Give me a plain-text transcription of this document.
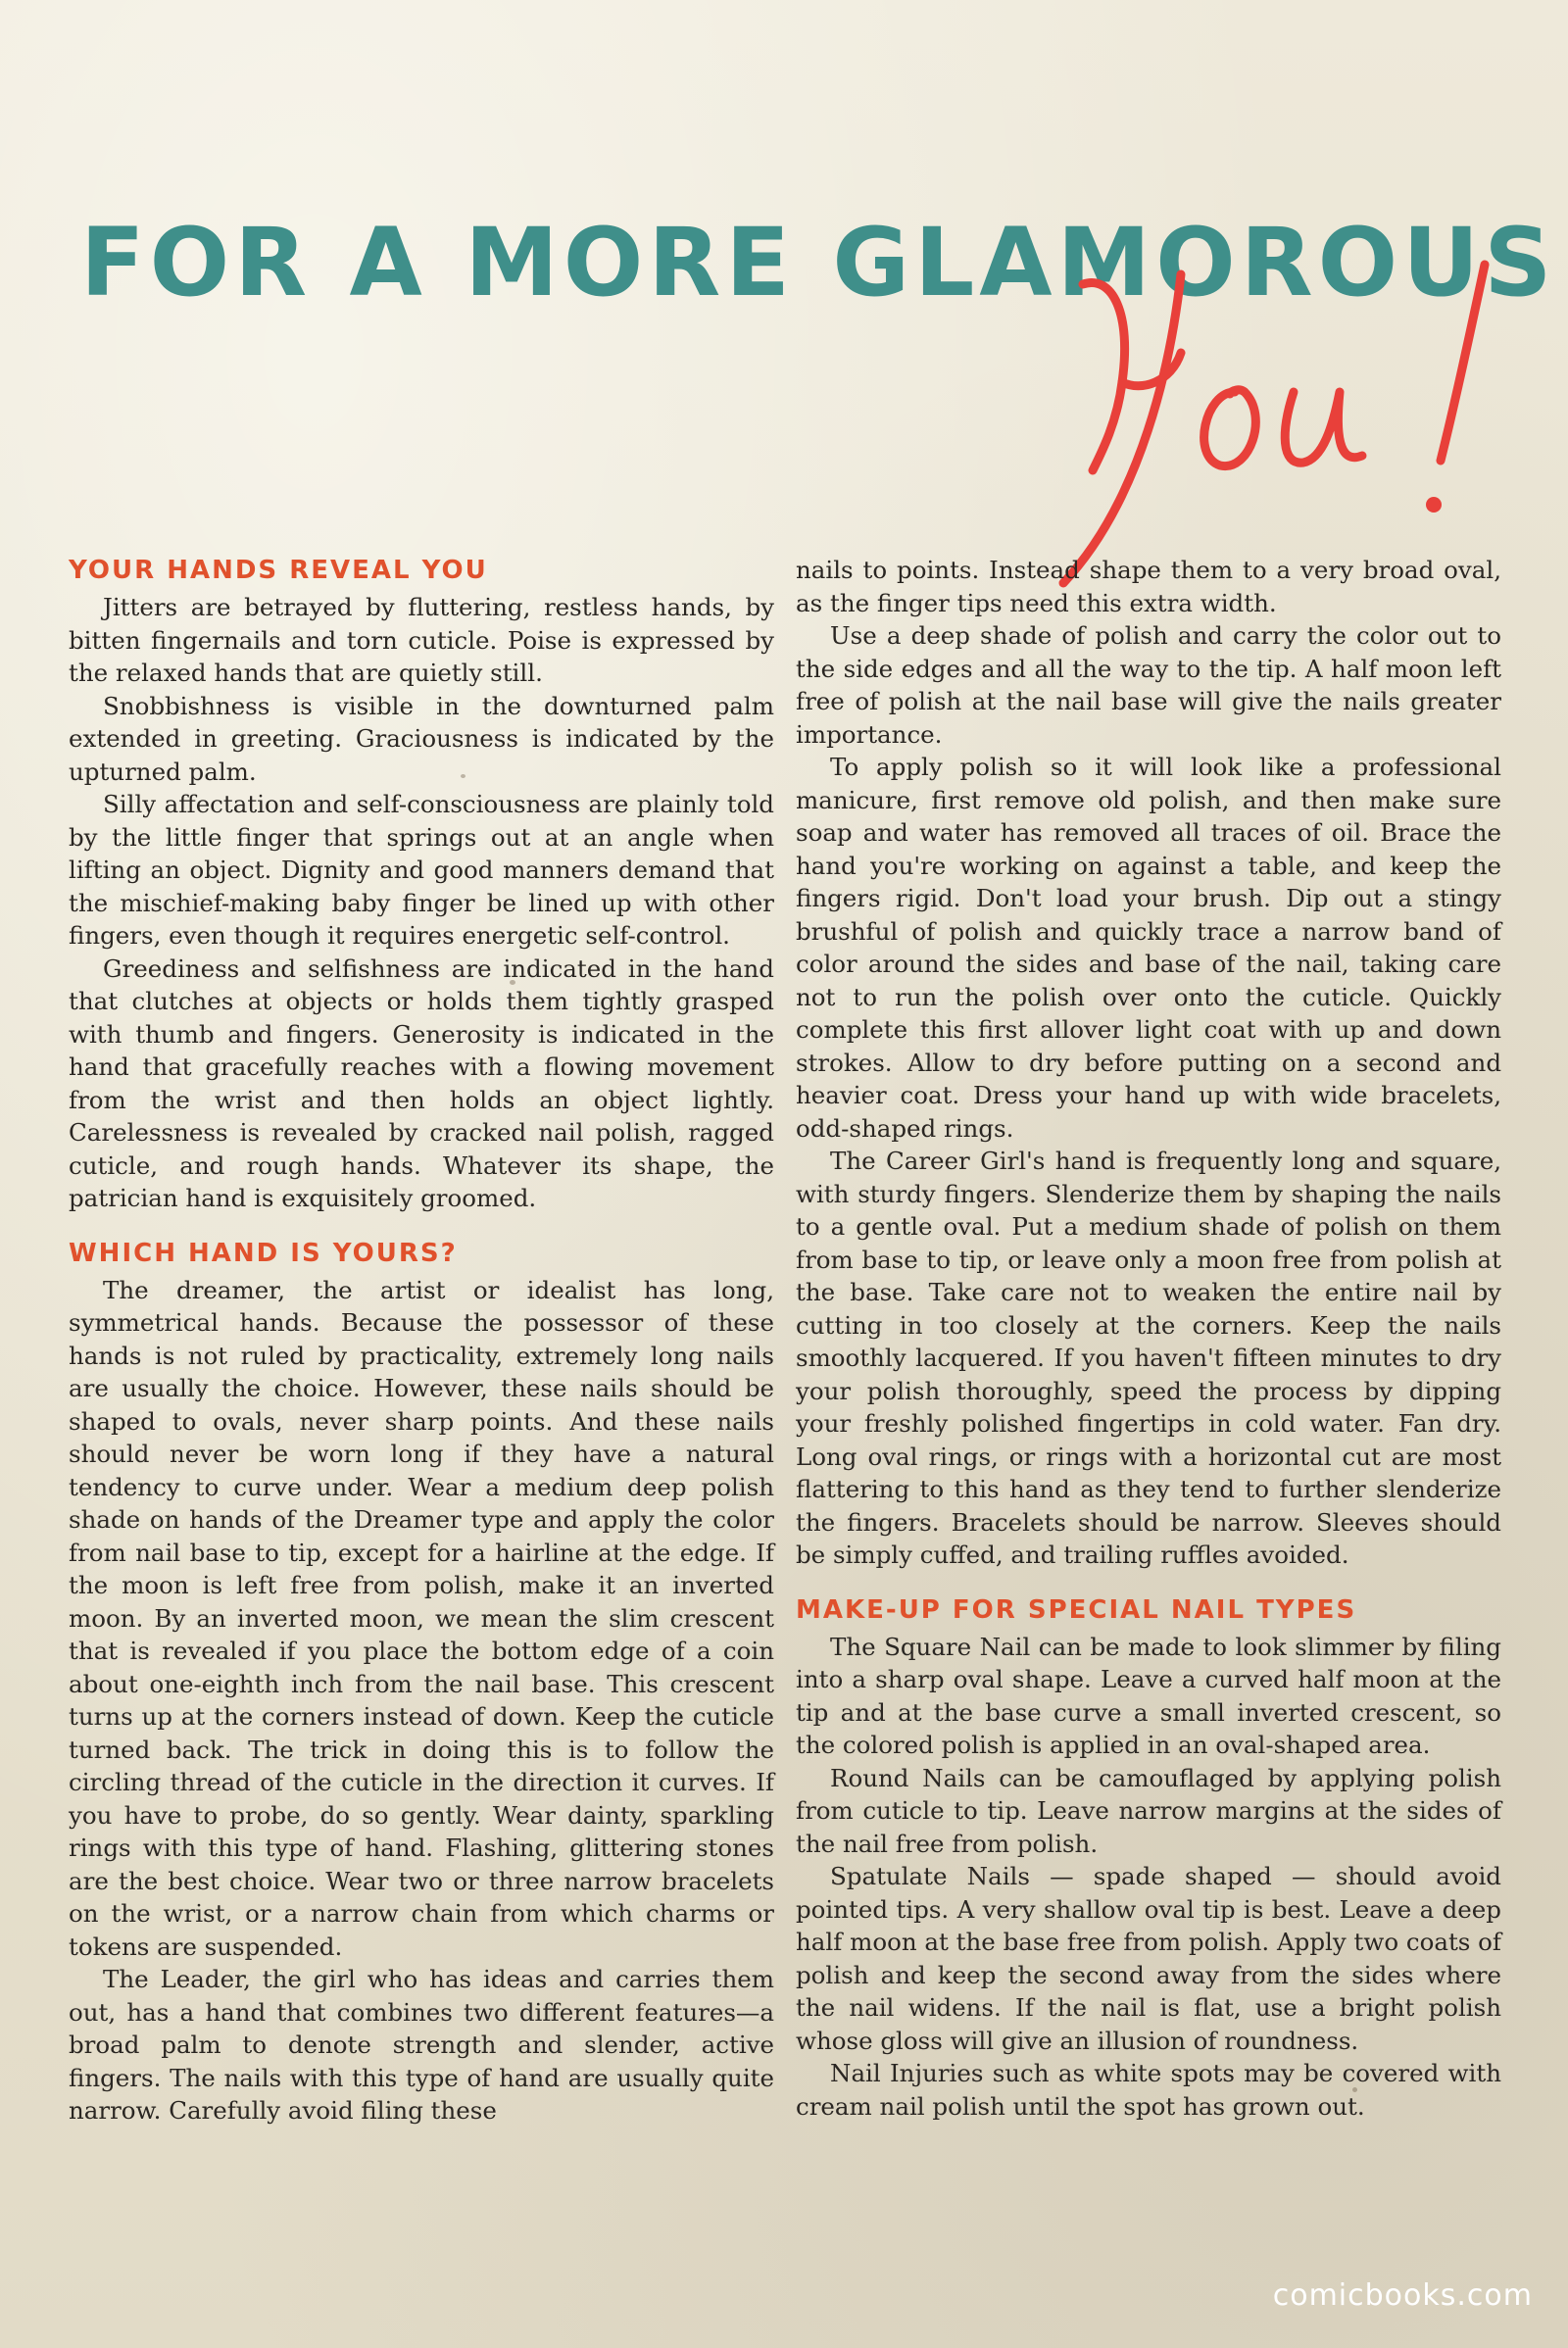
FOR A MORE GLAMOROUS
YOUR HANDS REVEAL YOU

Jitters are betrayed by fluttering, restless hands, by bitten fingernails and torn cuticle. Poise is expressed by the relaxed hands that are quietly still.

Snobbishness is visible in the downturned palm extended in greeting. Graciousness is indicated by the upturned palm.

Silly affectation and self-consciousness are plainly told by the little finger that springs out at an angle when lifting an object. Dignity and good manners demand that the mischief-making baby finger be lined up with other fingers, even though it requires energetic self-control.

Greediness and selfishness are indicated in the hand that clutches at objects or holds them tightly grasped with thumb and fingers. Generosity is indicated in the hand that gracefully reaches with a flowing movement from the wrist and then holds an object lightly. Carelessness is revealed by cracked nail polish, ragged cuticle, and rough hands. Whatever its shape, the patrician hand is exquisitely groomed.

WHICH HAND IS YOURS?

The dreamer, the artist or idealist has long, symmetrical hands. Because the possessor of these hands is not ruled by practicality, extremely long nails are usually the choice. However, these nails should be shaped to ovals, never sharp points. And these nails should never be worn long if they have a natural tendency to curve under. Wear a medium deep polish shade on hands of the Dreamer type and apply the color from nail base to tip, except for a hairline at the edge. If the moon is left free from polish, make it an inverted moon. By an inverted moon, we mean the slim crescent that is revealed if you place the bottom edge of a coin about one-eighth inch from the nail base. This crescent turns up at the corners instead of down. Keep the cuticle turned back. The trick in doing this is to follow the circling thread of the cuticle in the direction it curves. If you have to probe, do so gently. Wear dainty, sparkling rings with this type of hand. Flashing, glittering stones are the best choice. Wear two or three narrow bracelets on the wrist, or a narrow chain from which charms or tokens are suspended.

The Leader, the girl who has ideas and carries them out, has a hand that combines two different features—a broad palm to denote strength and slender, active fingers. The nails with this type of hand are usually quite narrow. Carefully avoid filing these

nails to points. Instead shape them to a very broad oval, as the finger tips need this extra width.

Use a deep shade of polish and carry the color out to the side edges and all the way to the tip. A half moon left free of polish at the nail base will give the nails greater importance.

To apply polish so it will look like a professional manicure, first remove old polish, and then make sure soap and water has removed all traces of oil. Brace the hand you're working on against a table, and keep the fingers rigid. Don't load your brush. Dip out a stingy brushful of polish and quickly trace a narrow band of color around the sides and base of the nail, taking care not to run the polish over onto the cuticle. Quickly complete this first allover light coat with up and down strokes. Allow to dry before putting on a second and heavier coat. Dress your hand up with wide bracelets, odd-shaped rings.

The Career Girl's hand is frequently long and square, with sturdy fingers. Slenderize them by shaping the nails to a gentle oval. Put a medium shade of polish on them from base to tip, or leave only a moon free from polish at the base. Take care not to weaken the entire nail by cutting in too closely at the corners. Keep the nails smoothly lacquered. If you haven't fifteen minutes to dry your polish thoroughly, speed the process by dipping your freshly polished fingertips in cold water. Fan dry. Long oval rings, or rings with a horizontal cut are most flattering to this hand as they tend to further slenderize the fingers. Bracelets should be narrow. Sleeves should be simply cuffed, and trailing ruffles avoided.

MAKE-UP FOR SPECIAL NAIL TYPES

The Square Nail can be made to look slimmer by filing into a sharp oval shape. Leave a curved half moon at the tip and at the base curve a small inverted crescent, so the colored polish is applied in an oval-shaped area.

Round Nails can be camouflaged by applying polish from cuticle to tip. Leave narrow margins at the sides of the nail free from polish.

Spatulate Nails — spade shaped — should avoid pointed tips. A very shallow oval tip is best. Leave a deep half moon at the base free from polish. Apply two coats of polish and keep the second away from the sides where the nail widens. If the nail is flat, use a bright polish whose gloss will give an illusion of roundness.

Nail Injuries such as white spots may be covered with cream nail polish until the spot has grown out.

comicbooks.com
